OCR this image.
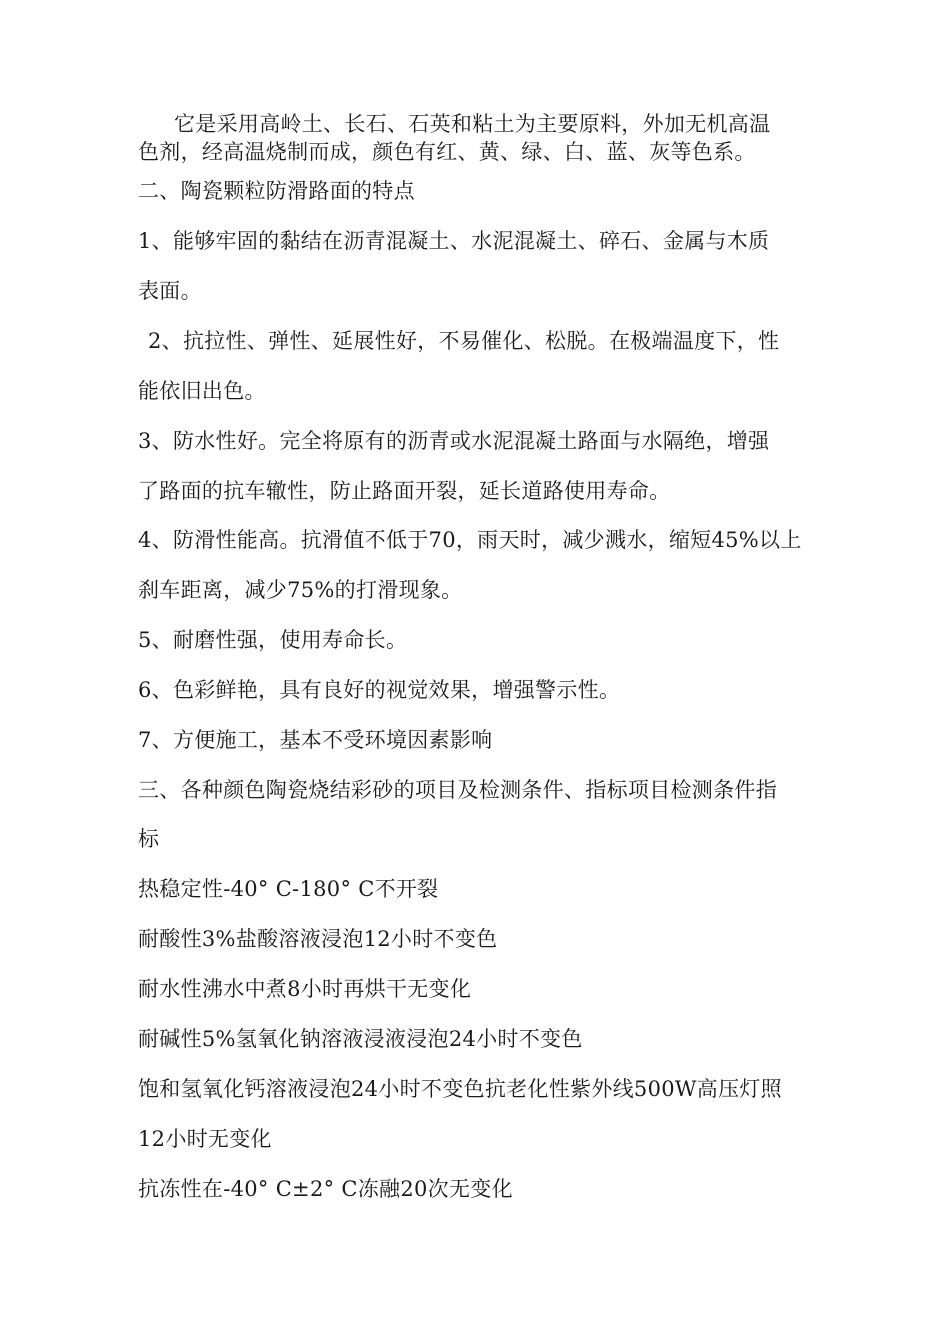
它是采用高岭土、长石、石英和粘土为主要原料，外加无机高温
色剂，经高温烧制而成，颜色有红、黄、绿、白、蓝、灰等色系。
二、陶瓷颗粒防滑路面的特点
1、能够牢固的黏结在沥青混凝土、水泥混凝土、碎石、金属与木质
表面。
2、抗拉性、弹性、延展性好，不易催化、松脱。在极端温度下，性
能依旧出色。
3、防水性好。完全将原有的沥青或水泥混凝土路面与水隔绝，增强
了路面的抗车辙性，防止路面开裂，延长道路使用寿命。
4、防滑性能高。抗滑值不低于70，雨天时，减少溅水，缩短45%以上
刹车距离，减少75%的打滑现象。
5、耐磨性强，使用寿命长。
6、色彩鲜艳，具有良好的视觉效果，增强警示性。
7、方便施工，基本不受环境因素影响
三、各种颜色陶瓷烧结彩砂的项目及检测条件、指标项目检测条件指
标
热稳定性-40° C-180° C不开裂
耐酸性3%盐酸溶液浸泡12小时不变色
耐水性沸水中煮8小时再烘干无变化
耐碱性5%氢氧化钠溶液浸液浸泡24小时不变色
饱和氢氧化钙溶液浸泡24小时不变色抗老化性紫外线500W高压灯照
12小时无变化
抗冻性在-40° C±2° C冻融20次无变化
